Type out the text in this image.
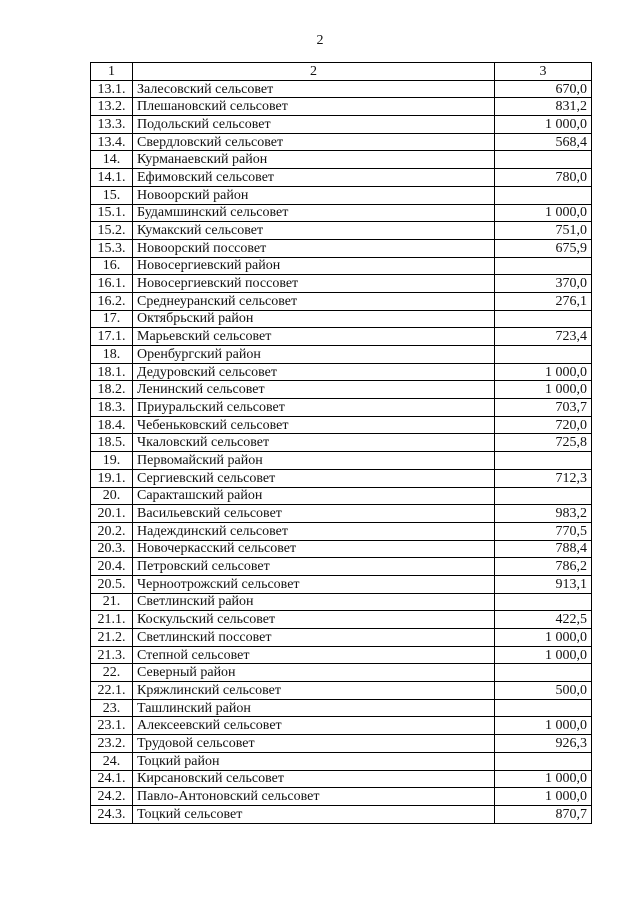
2
1	2	3
13.1.	Залесовский сельсовет	670,0
13.2.	Плешановский сельсовет	831,2
13.3.	Подольский сельсовет	1 000,0
13.4.	Свердловский сельсовет	568,4
14.	Курманаевский район	
14.1.	Ефимовский сельсовет	780,0
15.	Новоорский район	
15.1.	Будамшинский сельсовет	1 000,0
15.2.	Кумакский сельсовет	751,0
15.3.	Новоорский поссовет	675,9
16.	Новосергиевский район	
16.1.	Новосергиевский поссовет	370,0
16.2.	Среднеуранский сельсовет	276,1
17.	Октябрьский район	
17.1.	Марьевский сельсовет	723,4
18.	Оренбургский район	
18.1.	Дедуровский сельсовет	1 000,0
18.2.	Ленинский сельсовет	1 000,0
18.3.	Приуральский сельсовет	703,7
18.4.	Чебеньковский сельсовет	720,0
18.5.	Чкаловский сельсовет	725,8
19.	Первомайский район	
19.1.	Сергиевский сельсовет	712,3
20.	Саракташский район	
20.1.	Васильевский сельсовет	983,2
20.2.	Надеждинский сельсовет	770,5
20.3.	Новочеркасский сельсовет	788,4
20.4.	Петровский сельсовет	786,2
20.5.	Черноотрожский сельсовет	913,1
21.	Светлинский район	
21.1.	Коскульский сельсовет	422,5
21.2.	Светлинский поссовет	1 000,0
21.3.	Степной сельсовет	1 000,0
22.	Северный район	
22.1.	Кряжлинский сельсовет	500,0
23.	Ташлинский район	
23.1.	Алексеевский сельсовет	1 000,0
23.2.	Трудовой сельсовет	926,3
24.	Тоцкий район	
24.1.	Кирсановский сельсовет	1 000,0
24.2.	Павло-Антоновский сельсовет	1 000,0
24.3.	Тоцкий сельсовет	870,7
